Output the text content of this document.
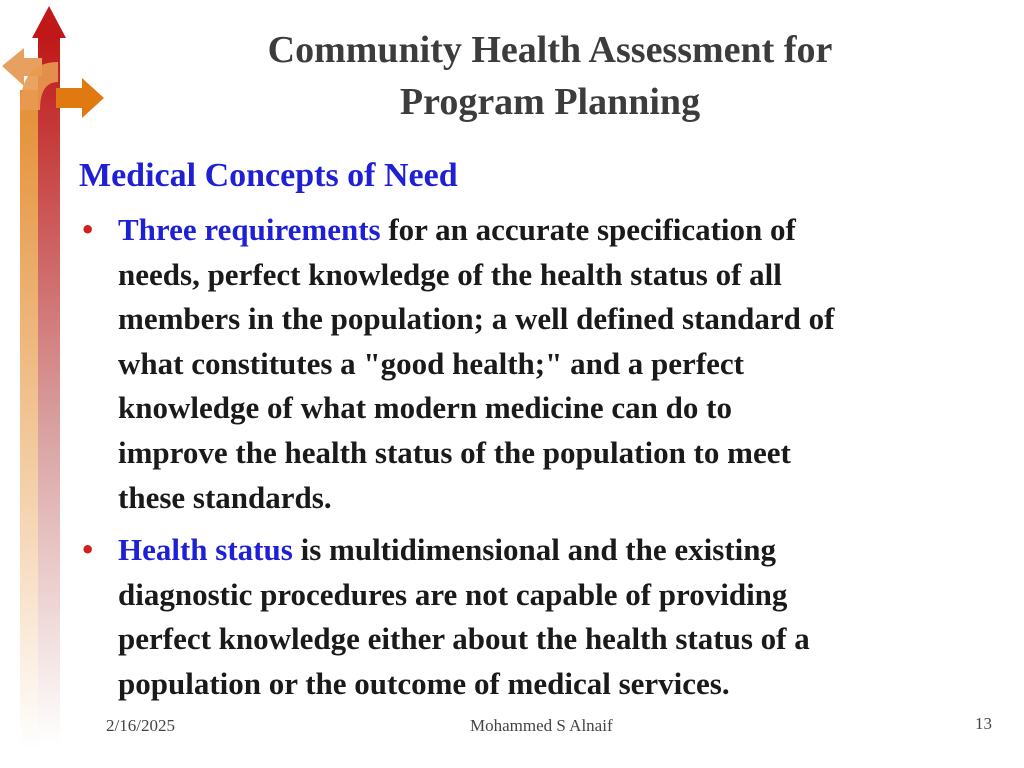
Community Health Assessment for
Program Planning
Medical Concepts of Need
• Three requirements for an accurate specification of
needs, perfect knowledge of the health status of all
members in the population; a well defined standard of
what constitutes a "good health;" and a perfect
knowledge of what modern medicine can do to
improve the health status of the population to meet
these standards.
• Health status is multidimensional and the existing
diagnostic procedures are not capable of providing
perfect knowledge either about the health status of a
population or the outcome of medical services.
2/16/2025	Mohammed S Alnaif	13
